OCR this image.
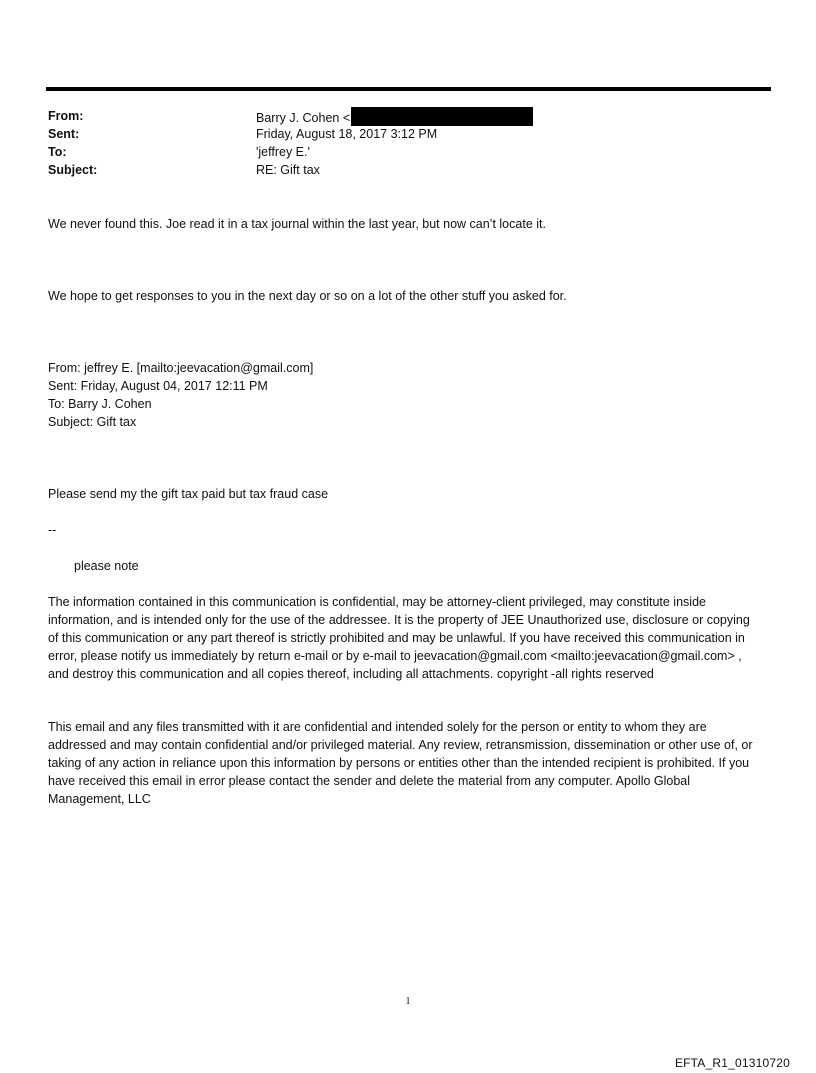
From:	Barry J. Cohen <
Sent:	Friday, August 18, 2017 3:12 PM
To:	'jeffrey E.'
Subject:	RE: Gift tax
We never found this. Joe read it in a tax journal within the last year, but now can’t locate it.
We hope to get responses to you in the next day or so on a lot of the other stuff you asked for.
From: jeffrey E. [mailto:jeevacation@gmail.com]
Sent: Friday, August 04, 2017 12:11 PM
To: Barry J. Cohen
Subject: Gift tax
Please send my the gift tax paid but tax fraud case
--
please note
The information contained in this communication is confidential, may be attorney-client privileged, may constitute inside information, and is intended only for the use of the addressee. It is the property of JEE Unauthorized use, disclosure or copying of this communication or any part thereof is strictly prohibited and may be unlawful. If you have received this communication in error, please notify us immediately by return e-mail or by e-mail to jeevacation@gmail.com <mailto:jeevacation@gmail.com> , and destroy this communication and all copies thereof, including all attachments. copyright -all rights reserved
This email and any files transmitted with it are confidential and intended solely for the person or entity to whom they are addressed and may contain confidential and/or privileged material. Any review, retransmission, dissemination or other use of, or taking of any action in reliance upon this information by persons or entities other than the intended recipient is prohibited. If you have received this email in error please contact the sender and delete the material from any computer. Apollo Global Management, LLC
1
EFTA_R1_01310720
